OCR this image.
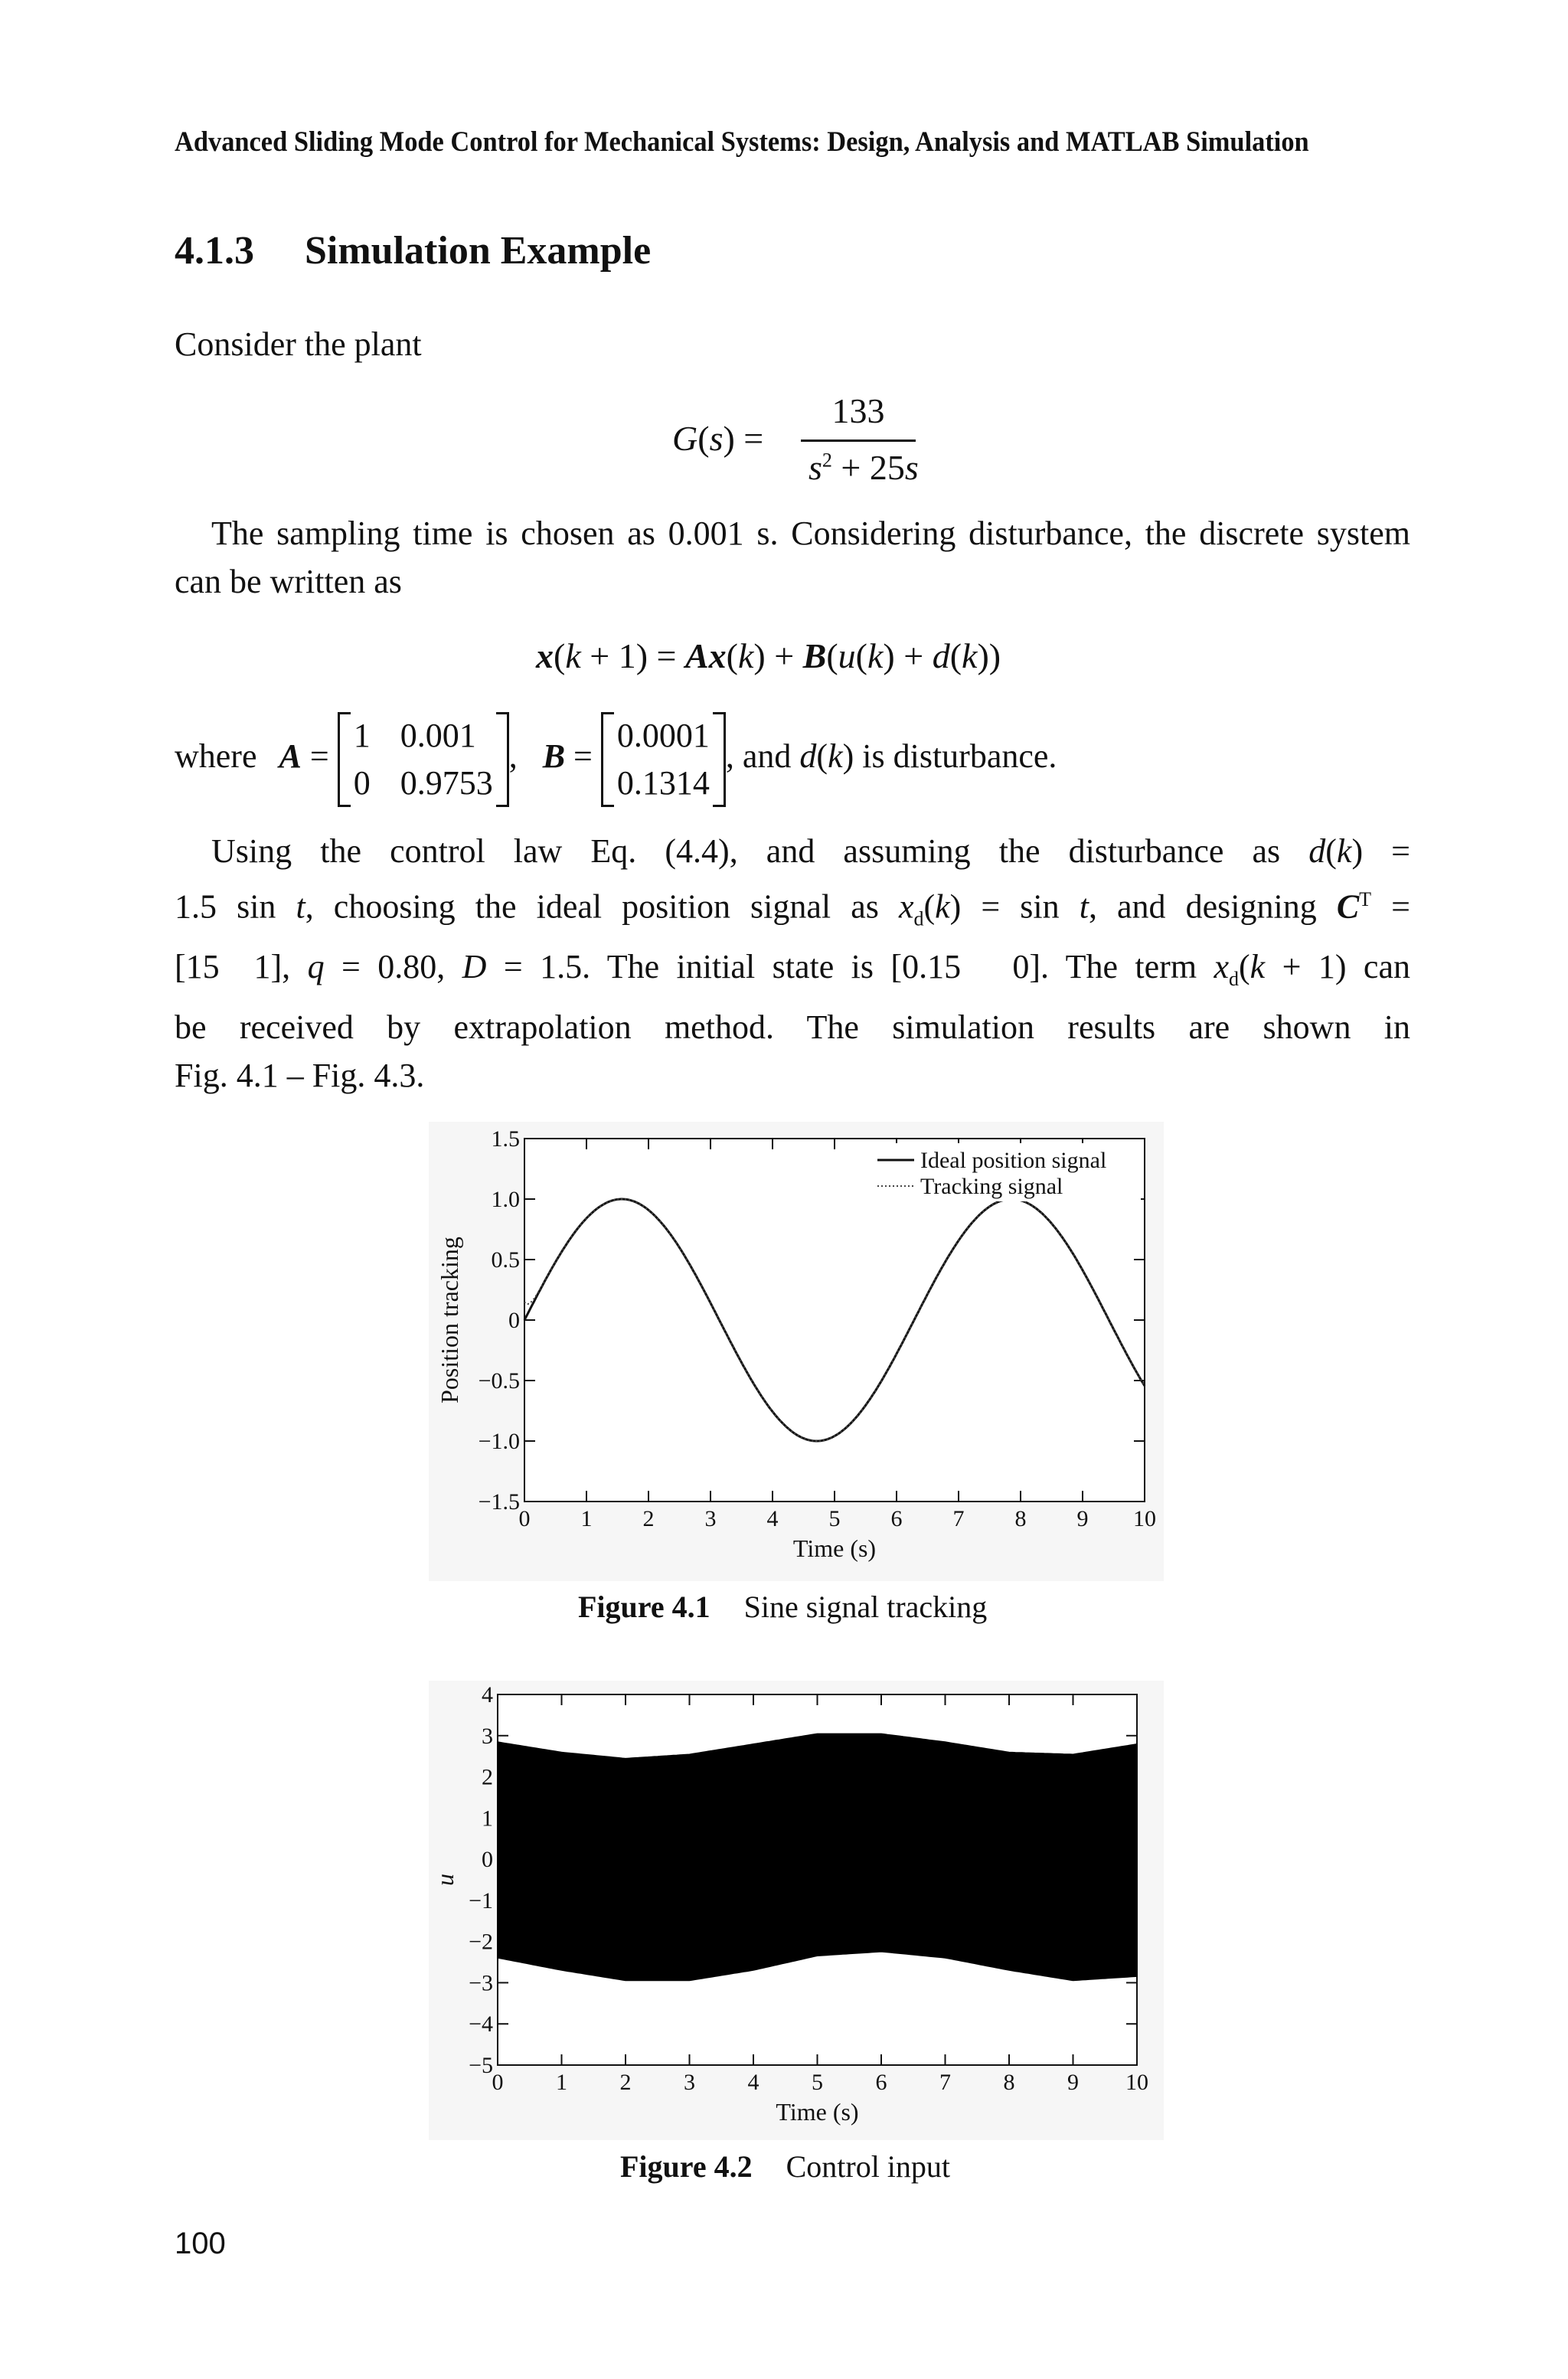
Advanced Sliding Mode Control for Mechanical Systems: Design, Analysis and MATLAB Simulation
4.1.3 Simulation Example
Consider the plant
G(s) =
133
$s^2 + 25s$
The sampling time is chosen as 0.001 s. Considering disturbance, the discrete system can be written as
x(k + 1) = Ax(k) + B(u(k) + d(k))
where A =
1 0.001
0 0.9753
, B =
0.0001
0.1314
, and d(k) is disturbance.
Using the control law Eq. (4.4), and assuming the disturbance as d(k) =
1.5 sin t, choosing the ideal position signal as $x_d(k) = \sin t$, and designing $C^T$ =
[15  1], q = 0.80, D = 1.5. The initial state is [0.15   0]. The term $x_d(k + 1)$ can
be received by extrapolation method. The simulation results are shown in
Fig. 4.1 – Fig. 4.3.
0 1 2 3 4 5 6 7 8 9 10
1.5
1.0
0.5
0
−0.5
−1.0
−1.5
Time (s)
Position tracking
Ideal position signal
Tracking signal
Figure 4.1 Sine signal tracking
0 1 2 3 4 5 6 7 8 9 10
4
3
2
1
0
−1
−2
−3
−4
−5
Time (s)
u
Figure 4.2 Control input
100
